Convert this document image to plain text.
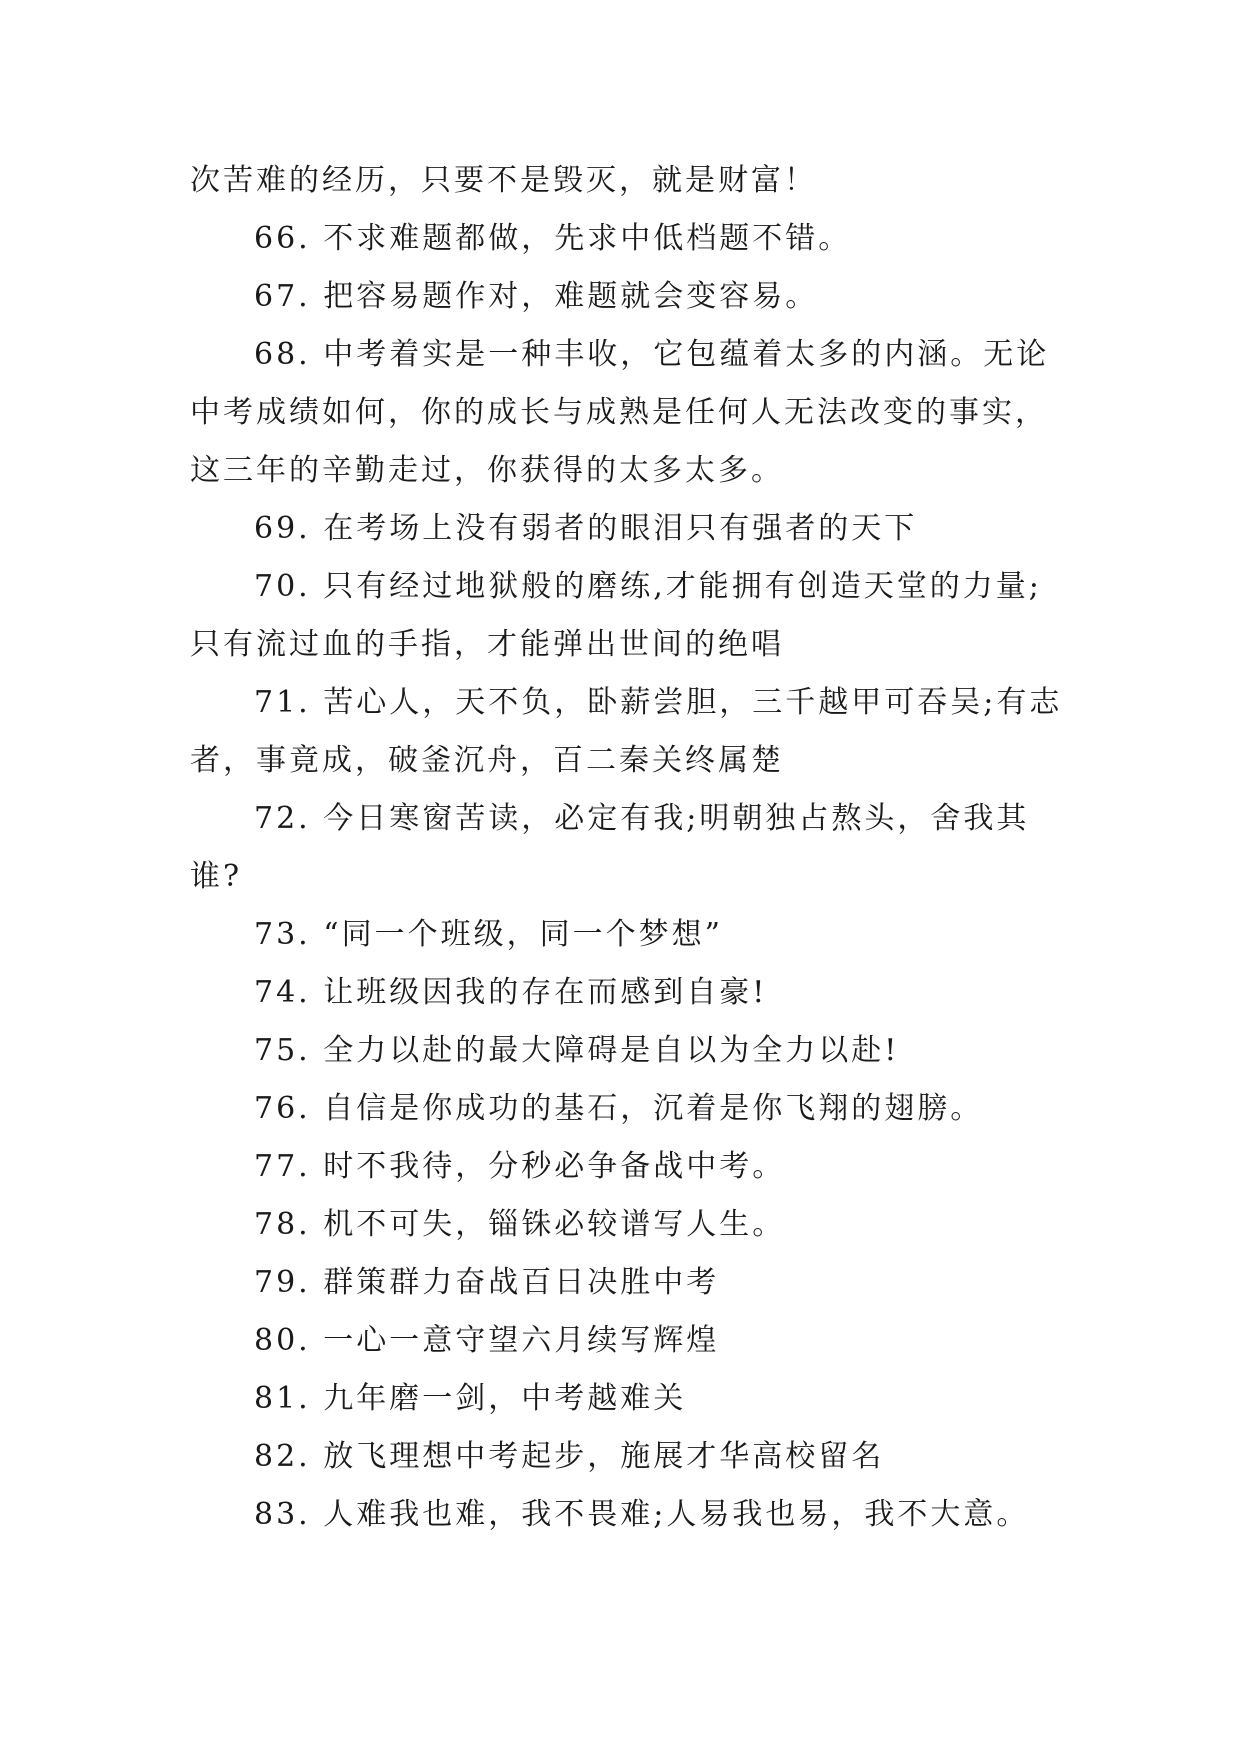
次苦难的经历，只要不是毁灭，就是财富！

66. 不求难题都做，先求中低档题不错。

67. 把容易题作对，难题就会变容易。

68. 中考着实是一种丰收，它包蕴着太多的内涵。无论中考成绩如何，你的成长与成熟是任何人无法改变的事实，这三年的辛勤走过，你获得的太多太多。

69. 在考场上没有弱者的眼泪只有强者的天下

70. 只有经过地狱般的磨练,才能拥有创造天堂的力量;只有流过血的手指，才能弹出世间的绝唱

71. 苦心人，天不负，卧薪尝胆，三千越甲可吞吴;有志者，事竟成，破釜沉舟，百二秦关终属楚

72. 今日寒窗苦读，必定有我;明朝独占熬头，舍我其谁?

73. “同一个班级，同一个梦想”

74. 让班级因我的存在而感到自豪!

75. 全力以赴的最大障碍是自以为全力以赴!

76. 自信是你成功的基石，沉着是你飞翔的翅膀。

77. 时不我待，分秒必争备战中考。

78. 机不可失，锱铢必较谱写人生。

79. 群策群力奋战百日决胜中考

80. 一心一意守望六月续写辉煌

81. 九年磨一剑，中考越难关

82. 放飞理想中考起步，施展才华高校留名

83. 人难我也难，我不畏难;人易我也易，我不大意。
